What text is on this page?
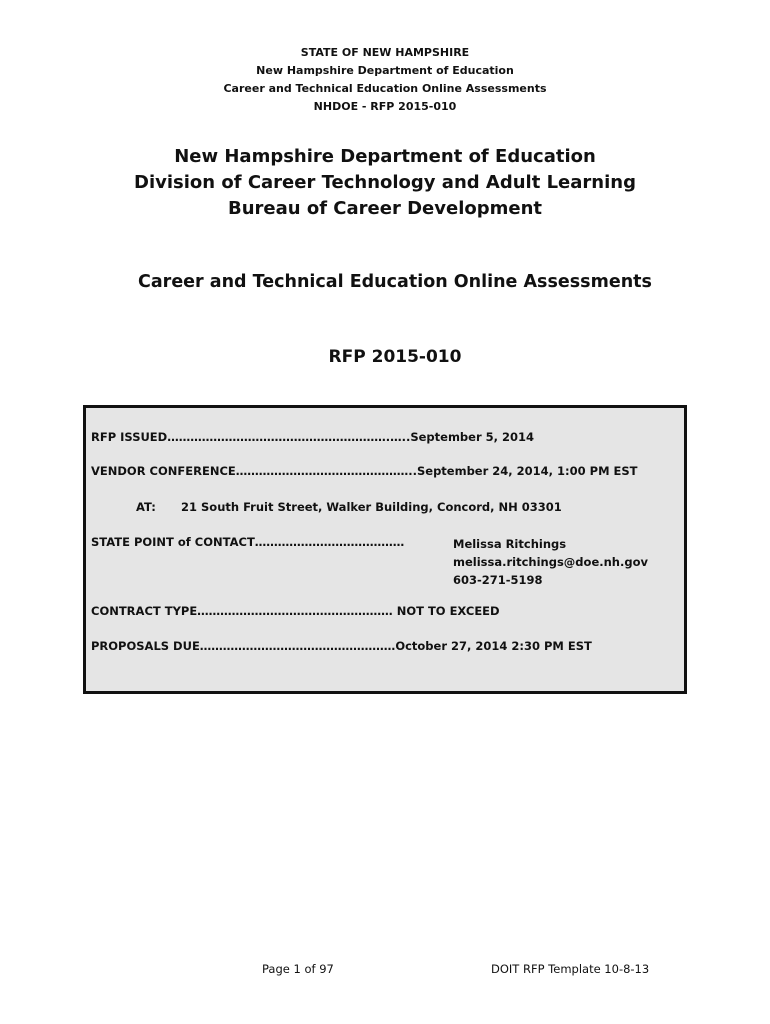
STATE OF NEW HAMPSHIRE
New Hampshire Department of Education
Career and Technical Education Online Assessments
NHDOE - RFP 2015-010
New Hampshire Department of Education
Division of Career Technology and Adult Learning
Bureau of Career Development
Career and Technical Education Online Assessments
RFP 2015-010
RFP ISSUED………………………………………………….…..September 5, 2014
VENDOR CONFERENCE………………………………………..September 24, 2014, 1:00 PM EST
AT: 21 South Fruit Street, Walker Building, Concord, NH 03301
STATE POINT of CONTACT…………………………………	Melissa Ritchings
melissa.ritchings@doe.nh.gov
603-271-5198
CONTRACT TYPE…………………………………………… NOT TO EXCEED
PROPOSALS DUE……………………………………………October 27, 2014 2:30 PM EST
Page 1 of 97	DOIT RFP Template 10-8-13
